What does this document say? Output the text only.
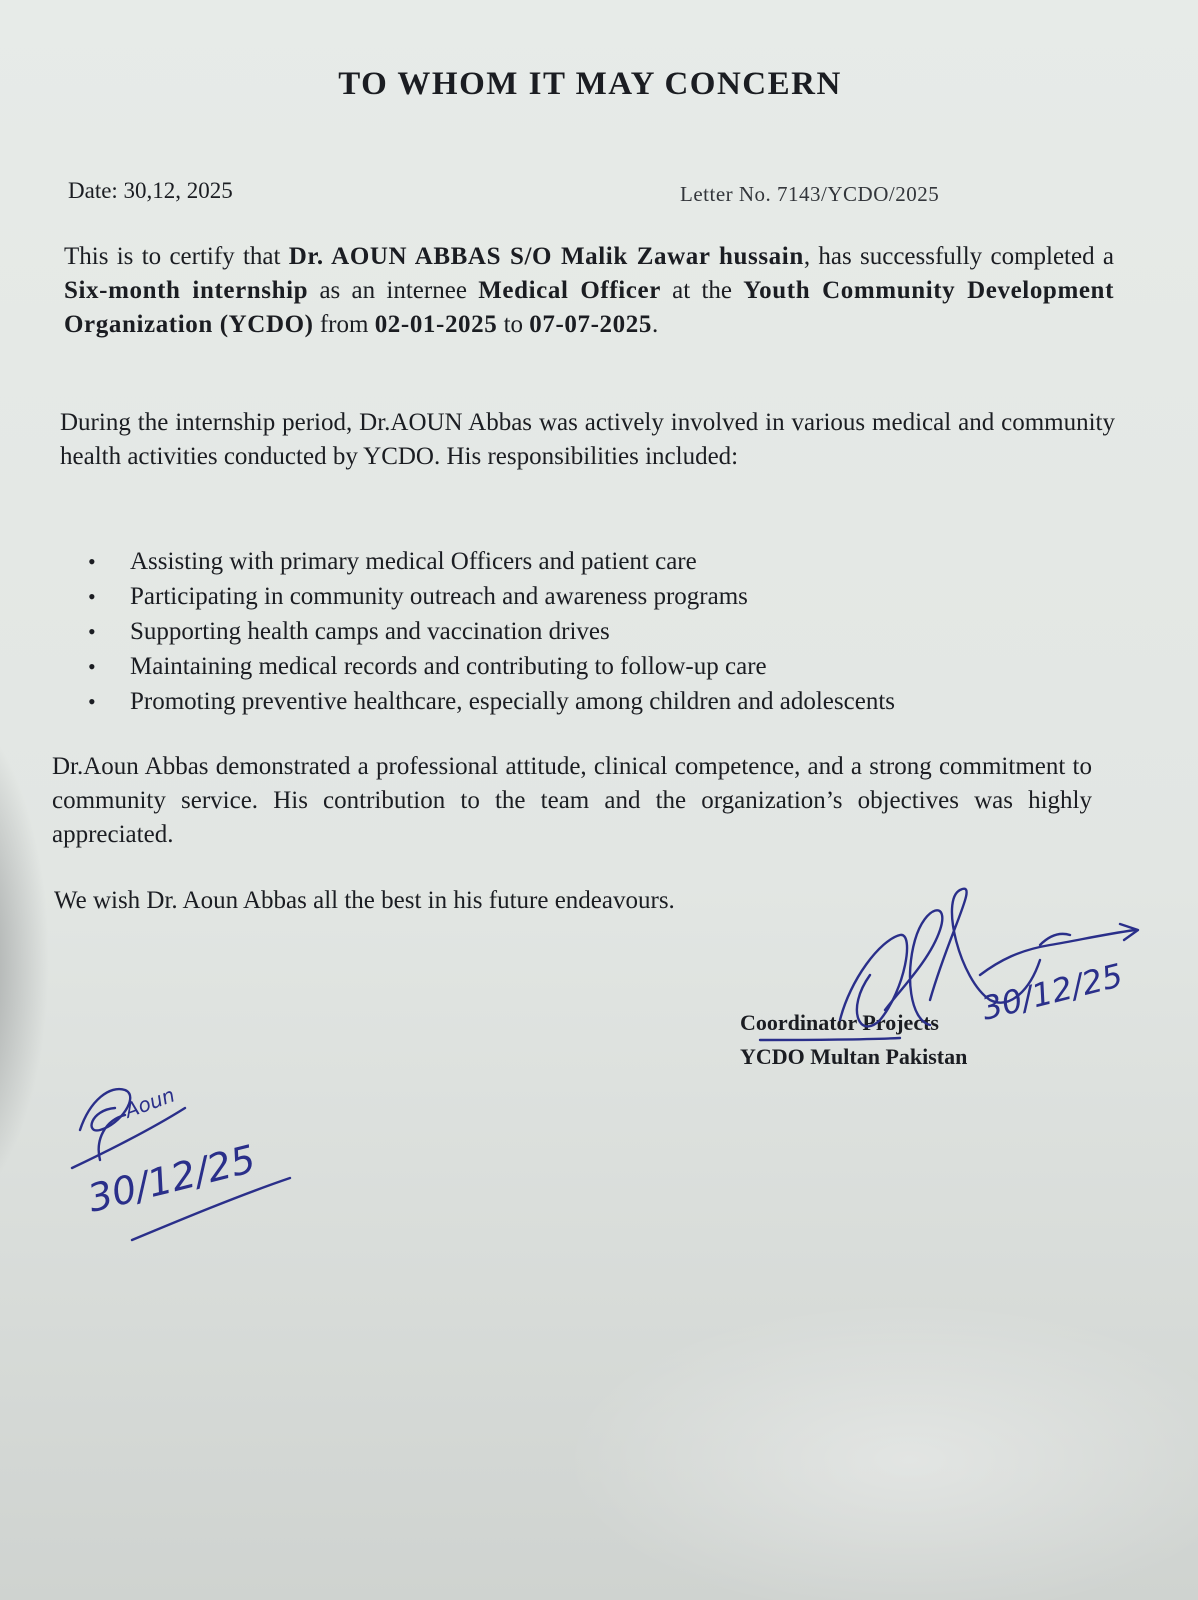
TO WHOM IT MAY CONCERN
Date: 30,12, 2025	Letter No. 7143/YCDO/2025
This is to certify that Dr. AOUN ABBAS S/O Malik Zawar hussain, has successfully completed a Six-month internship as an internee Medical Officer at the Youth Community Development Organization (YCDO) from 02-01-2025 to 07-07-2025.
During the internship period, Dr.AOUN Abbas was actively involved in various medical and community health activities conducted by YCDO. His responsibilities included:
• Assisting with primary medical Officers and patient care
• Participating in community outreach and awareness programs
• Supporting health camps and vaccination drives
• Maintaining medical records and contributing to follow-up care
• Promoting preventive healthcare, especially among children and adolescents
Dr.Aoun Abbas demonstrated a professional attitude, clinical competence, and a strong commitment to community service. His contribution to the team and the organization’s objectives was highly appreciated.
We wish Dr. Aoun Abbas all the best in his future endeavours.
Coordinator Projects
YCDO Multan Pakistan
30/12/25
Aoun
30/12/25
